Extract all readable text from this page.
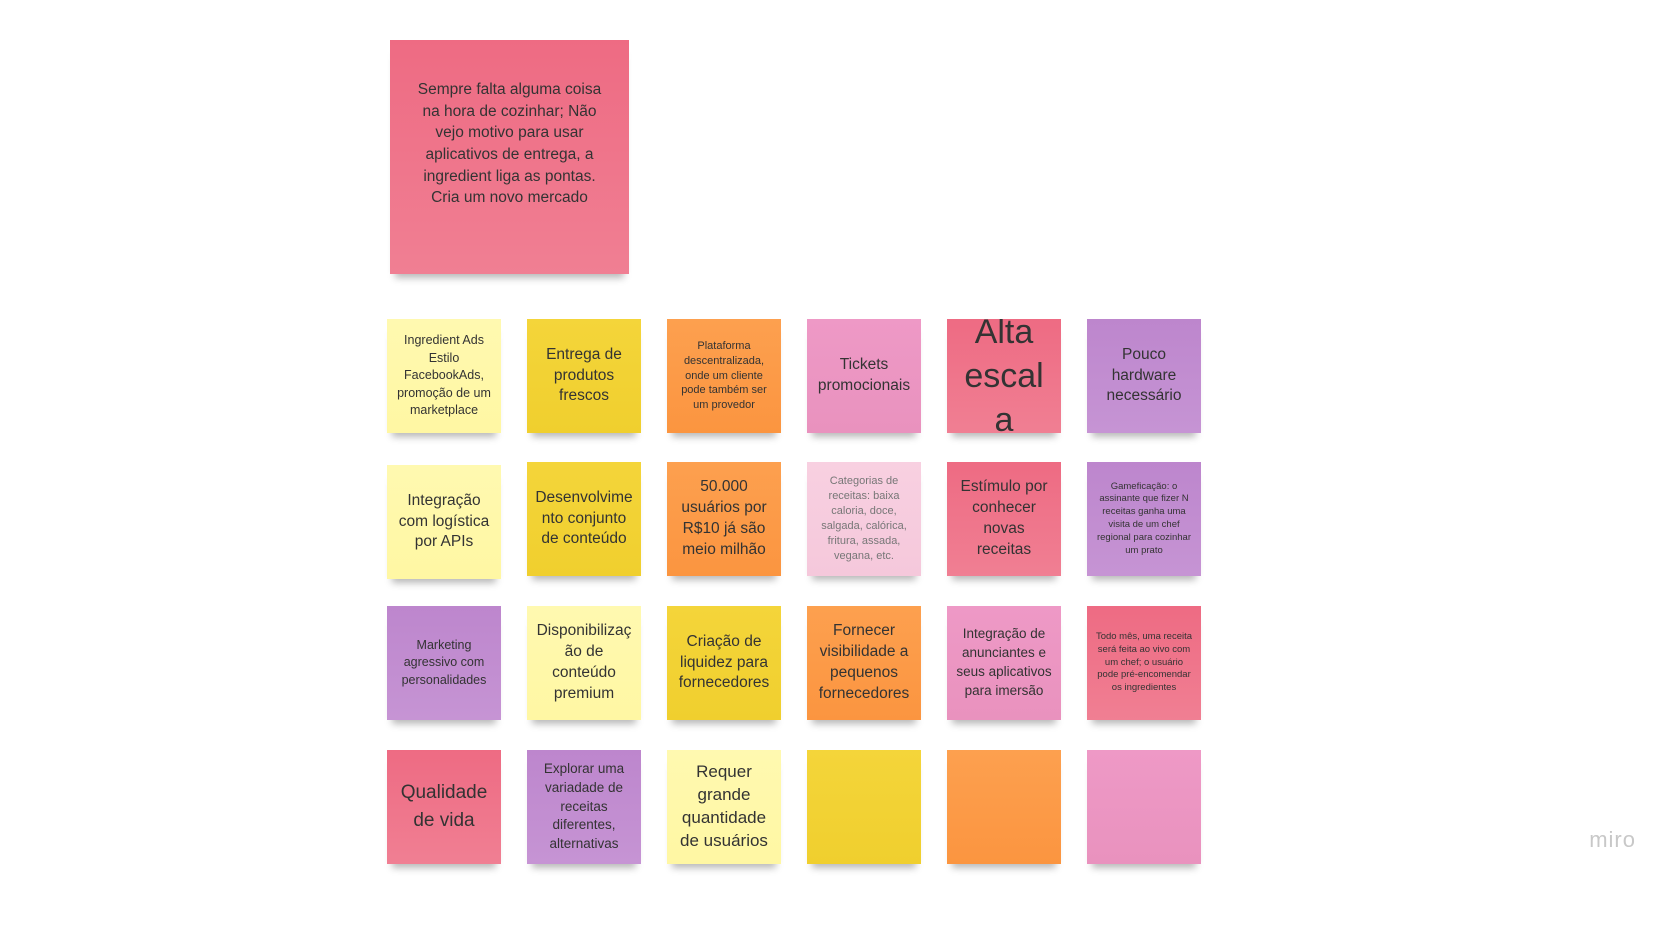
Sempre falta alguma coisa na hora de cozinhar; Não vejo motivo para usar aplicativos de entrega, a ingredient liga as pontas. Cria um novo mercado
Ingredient Ads Estilo FacebookAds, promoção de um marketplace
Entrega de produtos frescos
Plataforma descentralizada, onde um cliente pode também ser um provedor
Tickets promocionais
Alta escala
Pouco hardware necessário
Integração com logística por APIs
Desenvolvimento conjunto de conteúdo
50.000 usuários por R$10 já são meio milhão
Categorias de receitas: baixa caloria, doce, salgada, calórica, fritura, assada, vegana, etc.
Estímulo por conhecer novas receitas
Gameficação: o assinante que fizer N receitas ganha uma visita de um chef regional para cozinhar um prato
Marketing agressivo com personalidades
Disponibilização de conteúdo premium
Criação de liquidez para fornecedores
Fornecer visibilidade a pequenos fornecedores
Integração de anunciantes e seus aplicativos para imersão
Todo mês, uma receita será feita ao vivo com um chef; o usuário pode pré-encomendar os ingredientes
Qualidade de vida
Explorar uma variadade de receitas diferentes, alternativas
Requer grande quantidade de usuários	miro
